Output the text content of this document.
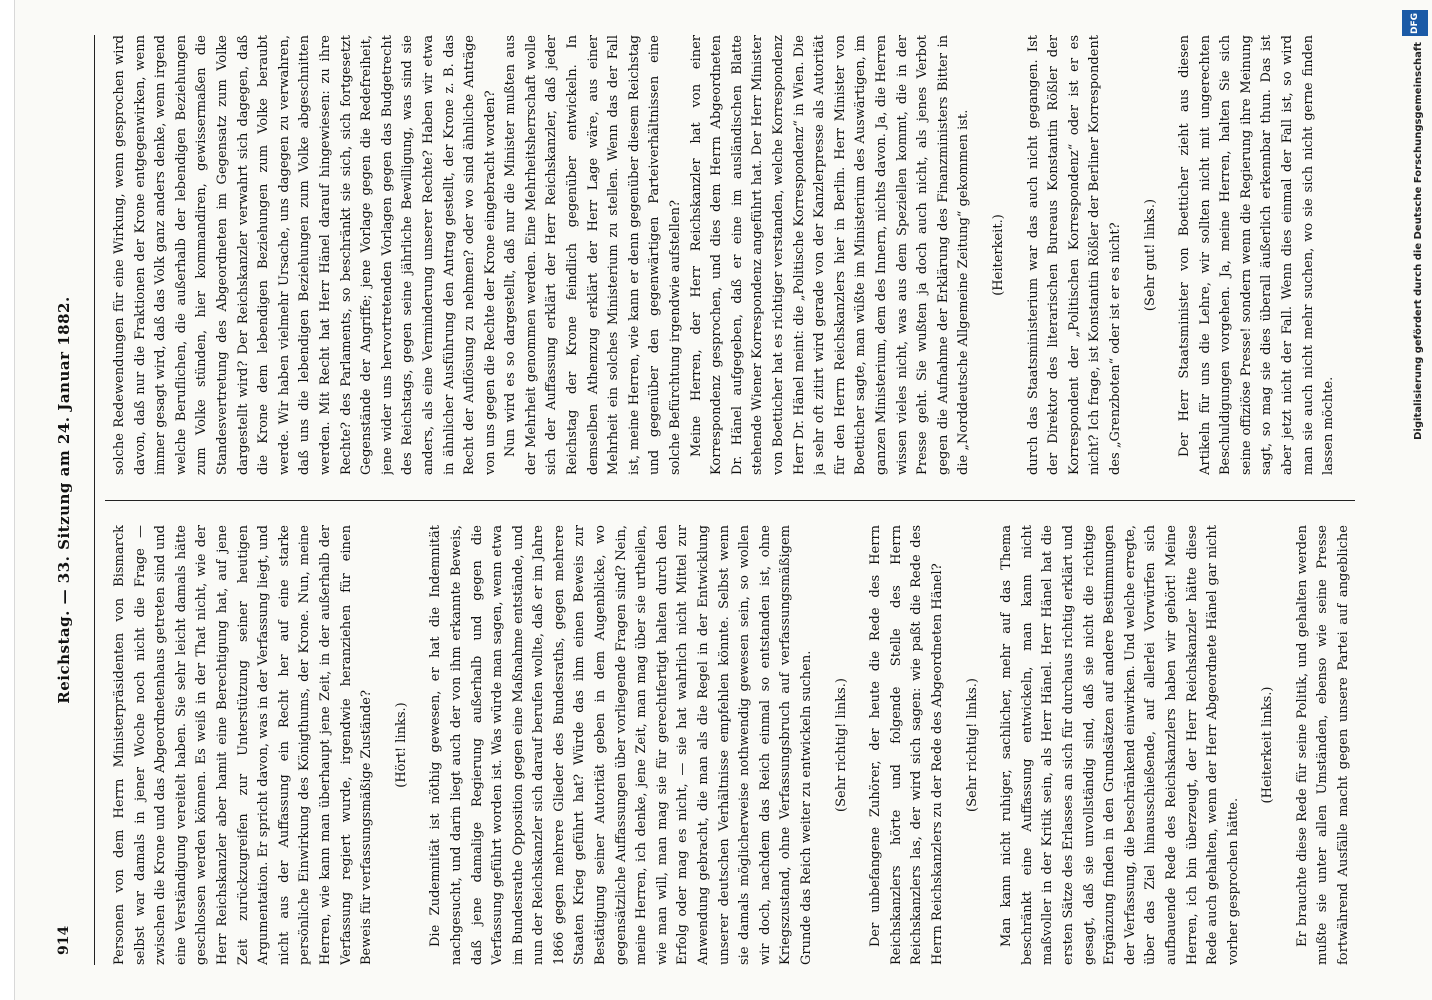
914
Reichstag. — 33. Sitzung am 24. Januar 1882.

Personen von dem Herrn Ministerpräsidenten von Bismarck selbst war damals in jener Woche noch nicht die Frage — zwischen die Krone und das Abgeordnetenhaus getreten sind und eine Verständigung vereitelt haben. Sie sehr leicht damals hätte geschlossen werden können. Es weiß in der That nicht, wie der Herr Reichskanzler aber hamit eine Berechtigung hat, auf jene Zeit zurückzugreifen zur Unterstützung seiner heutigen Argumentation. Er spricht davon, was in der Verfassung liegt, und nicht aus der Auffassung ein Recht her auf eine starke persönliche Einwirkung des Königthums, der Krone. Nun, meine Herren, wie kann man überhaupt jene Zeit, in der außerhalb der Verfassung regiert wurde, irgendwie heranziehen für einen Beweis für verfassungsmäßige Zustände? (Hört! links.) Die Zudemnität ist nöthig gewesen, er hat die Indemnität nachgesucht, und darin liegt auch der von ihm erkannte Beweis, daß jene damalige Regierung außerhalb und gegen die Verfassung geführt worden ist. Was würde man sagen, wenn etwa im Bundesrathe Opposition gegen eine Maßnahme entstände, und nun der Reichskanzler sich darauf berufen wollte, daß er im Jahre 1866 gegen mehrere Glieder des Bundesraths, gegen mehrere Staaten Krieg geführt hat? Würde das ihm einen Beweis zur Bestätigung seiner Autorität geben in dem Augenblicke, wo gegensätzliche Auffassungen über vorliegende Fragen sind? Nein, meine Herren, ich denke, jene Zeit, man mag über sie urtheilen, wie man will, man mag sie für gerechtfertigt halten durch den Erfolg oder mag es nicht, — sie hat wahrlich nicht Mittel zur Anwendung gebracht, die man als die Regel in der Entwicklung unserer deutschen Verhältnisse empfehlen könnte. Selbst wenn sie damals möglicherweise nothwendig gewesen sein, so wollen wir doch, nachdem das Reich einmal so entstanden ist, ohne Kriegszustand, ohne Verfassungsbruch auf verfassungsmäßigem Grunde das Reich weiter zu entwickeln suchen. (Sehr richtig! links.) Der unbefangene Zuhörer, der heute die Rede des Herrn Reichskanzlers hörte und folgende Stelle des Herrn Reichskanzlers las, der wird sich sagen: wie paßt die Rede des Herrn Reichskanzlers zu der Rede des Abgeordneten Hänel? (Sehr richtig! links.) Man kann nicht ruhiger, sachlicher, mehr auf das Thema beschränkt eine Auffassung entwickeln, man kann nicht maßvoller in der Kritik sein, als Herr Hänel. Herr Hänel hat die ersten Sätze des Erlasses an sich für durchaus richtig erklärt und gesagt, daß sie unvollständig sind, daß sie nicht die richtige Ergänzung finden in den Grundsätzen auf andere Bestimmungen der Verfassung, die beschränkend einwirken. Und welche erregte, über das Ziel hinausschießende, auf allerlei Vorwürfen sich aufbauende Rede des Reichskanzlers haben wir gehört! Meine Herren, ich bin überzeugt, der Herr Reichskanzler hätte diese Rede auch gehalten, wenn der Herr Abgeordnete Hänel gar nicht vorher gesprochen hätte.

(Heiterkeit links.)

Er brauchte diese Rede für seine Politik, und gehalten werden mußte sie unter allen Umständen, ebenso wie seine Presse fortwährend Ausfälle macht gegen unsere Partei auf angebliche

solche Redewendungen für eine Wirkung, wenn gesprochen wird davon, daß nur die Fraktionen der Krone entgegenwirken, wenn immer gesagt wird, daß das Volk ganz anders denke, wenn irgend welche Beruflichen, die außerhalb der lebendigen Beziehungen zum Volke stünden, hier kommandiren, gewissermaßen die Standesvertretung des Abgeordneten im Gegensatz zum Volke dargestellt wird? Der Reichskanzler verwahrt sich dagegen, daß die Krone dem lebendigen Beziehungen zum Volke beraubt werde. Wir haben vielmehr Ursache, uns dagegen zu verwahren, daß uns die lebendigen Beziehungen zum Volke abgeschnitten werden. Mit Recht hat Herr Hänel darauf hingewiesen: zu ihre Rechte? des Parlaments, so beschränkt sie sich, sich fortgesetzt Gegenstände der Angriffe; jene Vorlage gegen die Redefreiheit, jene wider uns hervortretenden Vorlagen gegen das Budgetrecht des Reichstags, gegen seine jährliche Bewilligung, was sind sie anders, als eine Verminderung unserer Rechte? Haben wir etwa in ähnlicher Ausführung den Antrag gestellt, der Krone z. B. das Recht der Auflösung zu nehmen? oder wo sind ähnliche Anträge von uns gegen die Rechte der Krone eingebracht worden? Nun wird es so dargestellt, daß nur die Minister mußten aus der Mehrheit genommen werden. Eine Mehrheitsherrschaft wolle sich der Auffassung erklärt der Herr Reichskanzler, daß jeder Reichstag der Krone feindlich gegenüber entwickeln. In demselben Athemzug erklärt der Herr Lage wäre, aus einer Mehrheit ein solches Ministerium zu stellen. Wenn das der Fall ist, meine Herren, wie kann er denn gegenüber diesem Reichstag und gegenüber den gegenwärtigen Parteiverhältnissen eine solche Befürchtung irgendwie aufstellen? Meine Herren, der Herr Reichskanzler hat von einer Korrespondenz gesprochen, und dies dem Herrn Abgeordneten Dr. Hänel aufgegeben, daß er eine im ausländischen Blatte stehende Wiener Korrespondenz angeführt hat. Der Herr Minister von Boetticher hat es richtiger verstanden, welche Korrespondenz Herr Dr. Hänel meint: die „Politische Korrespondenz“ in Wien. Die ja sehr oft zitirt wird gerade von der Kanzlerpresse als Autorität für den Herrn Reichskanzlers hier in Berlin. Herr Minister von Boetticher sagte, man wüßte im Ministerium des Auswärtigen, im ganzen Ministerium, dem des Innern, nichts davon. Ja, die Herren wissen vieles nicht, was aus dem Speziellen kommt, die in der Presse geht. Sie wußten ja doch auch nicht, als jenes Verbot gegen die Aufnahme der Erklärung des Finanzministers Bitter in die „Norddeutsche Allgemeine Zeitung“ gekommen ist. (Heiterkeit.) durch das Staatsministerium war das auch nicht gegangen. Ist der Direktor des literarischen Bureaus Konstantin Rößler der Korrespondent der „Politischen Korrespondenz“ oder ist er es nicht? Ich frage, ist Konstantin Rößler der Berliner Korrespondent des „Grenzboten“ oder ist er es nicht? (Sehr gut! links.) Der Herr Staatsminister von Boetticher zieht aus diesen Artikeln für uns die Lehre, wir sollten nicht mit ungerechten Beschuldigungen vorgehen. Ja, meine Herren, halten Sie sich seine offiziöse Presse! sondern wenn die Regierung ihre Meinung sagt, so mag sie dies überall äußerlich erkennbar thun. Das ist aber jetzt nicht der Fall. Wenn dies einmal der Fall ist, so wird man sie auch nicht mehr suchen, wo sie sich nicht gerne finden lassen möchte.

DFG
Digitalisierung gefördert durch die Deutsche Forschungsgemeinschaft
